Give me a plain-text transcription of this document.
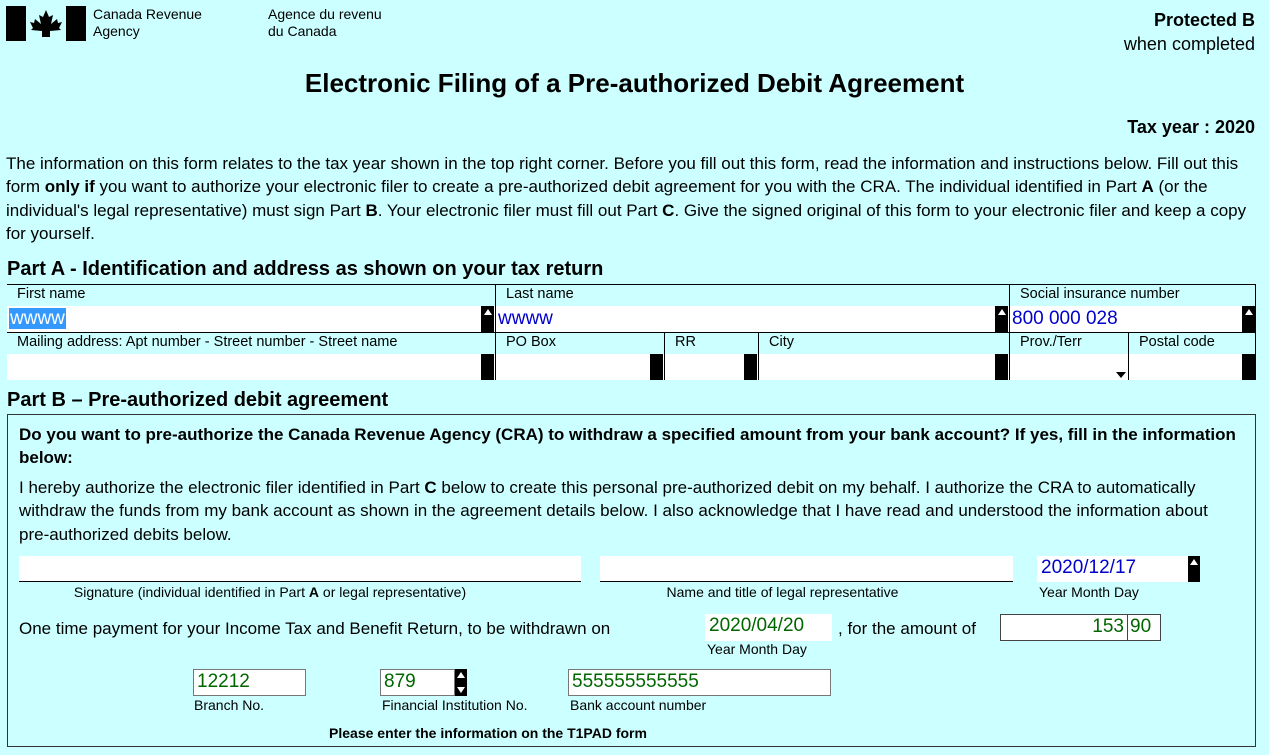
Canada Revenue
Agency
Agence du revenu
du Canada
Protected B
when completed
Electronic Filing of a Pre-authorized Debit Agreement
Tax year : 2020
The information on this form relates to the tax year shown in the top right corner. Before you fill out this form, read the information and instructions below. Fill out this form only if you want to authorize your electronic filer to create a pre-authorized debit agreement for you with the CRA. The individual identified in Part A (or the individual's legal representative) must sign Part B. Your electronic filer must fill out Part C. Give the signed original of this form to your electronic filer and keep a copy for yourself.
Part A - Identification and address as shown on your tax return
First name
wwww
Last name
wwww
Social insurance number
800 000 028
Mailing address: Apt number - Street number - Street name	PO Box	RR	City	Prov./Terr	Postal code
Part B – Pre-authorized debit agreement
Do you want to pre-authorize the Canada Revenue Agency (CRA) to withdraw a specified amount from your bank account? If yes, fill in the information below:
I hereby authorize the electronic filer identified in Part C below to create this personal pre-authorized debit on my behalf. I authorize the CRA to automatically withdraw the funds from my bank account as shown in the agreement details below. I also acknowledge that I have read and understood the information about pre-authorized debits below.
Signature (individual identified in Part A or legal representative)	Name and title of legal representative
2020/12/17
Year Month Day
One time payment for your Income Tax and Benefit Return, to be withdrawn on	2020/04/20
Year Month Day
, for the amount of	153 90
12212
Branch No.
879
Financial Institution No.
555555555555
Bank account number
Please enter the information on the T1PAD form
